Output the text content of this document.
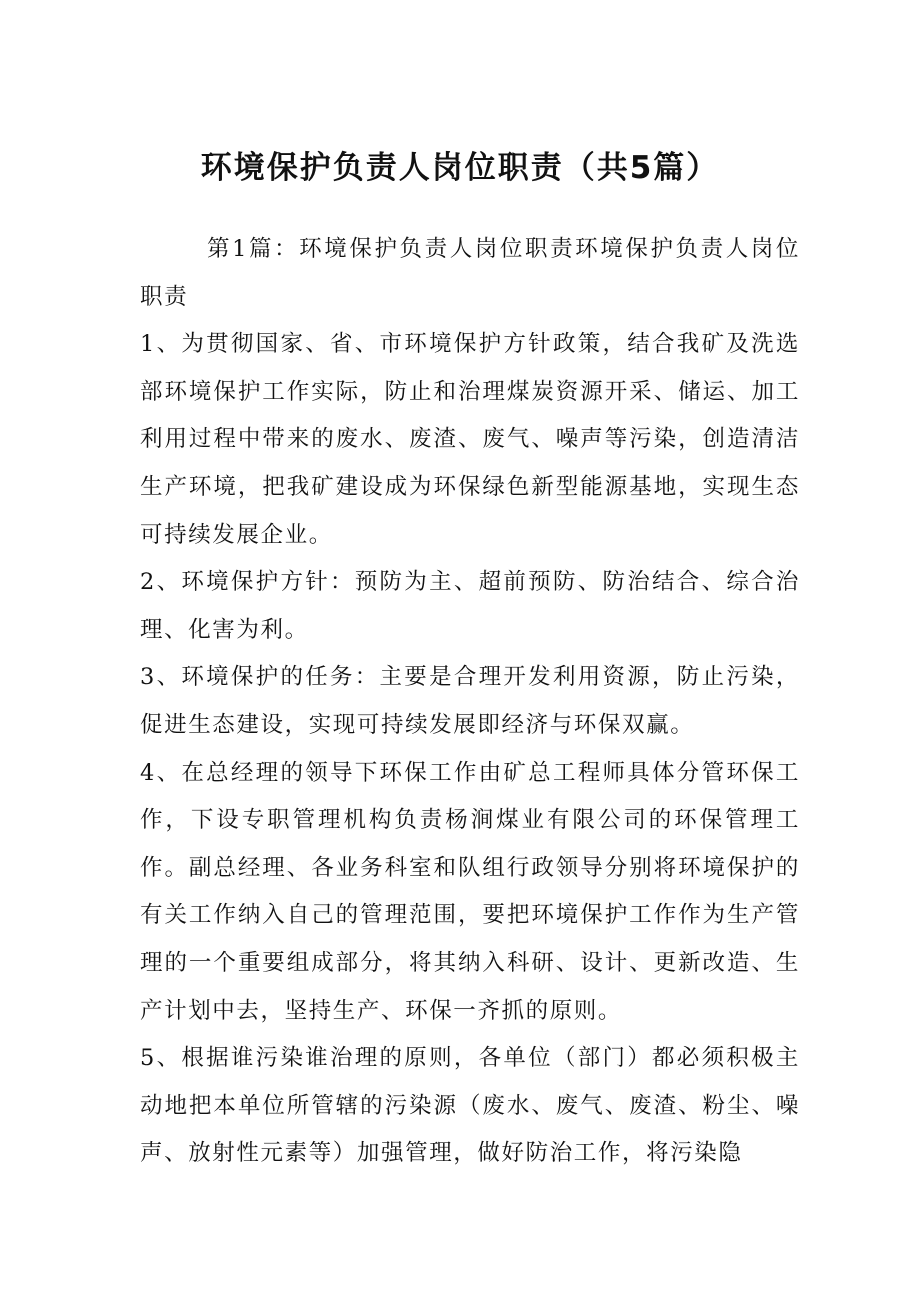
环境保护负责人岗位职责（共5篇）

第1篇：环境保护负责人岗位职责环境保护负责人岗位职责

1、为贯彻国家、省、市环境保护方针政策，结合我矿及洗选部环境保护工作实际，防止和治理煤炭资源开采、储运、加工利用过程中带来的废水、废渣、废气、噪声等污染，创造清洁生产环境，把我矿建设成为环保绿色新型能源基地，实现生态可持续发展企业。

2、环境保护方针：预防为主、超前预防、防治结合、综合治理、化害为利。

3、环境保护的任务：主要是合理开发利用资源，防止污染，促进生态建设，实现可持续发展即经济与环保双赢。

4、在总经理的领导下环保工作由矿总工程师具体分管环保工作，下设专职管理机构负责杨涧煤业有限公司的环保管理工作。副总经理、各业务科室和队组行政领导分别将环境保护的有关工作纳入自己的管理范围，要把环境保护工作作为生产管理的一个重要组成部分，将其纳入科研、设计、更新改造、生产计划中去，坚持生产、环保一齐抓的原则。

5、根据谁污染谁治理的原则，各单位（部门）都必须积极主动地把本单位所管辖的污染源（废水、废气、废渣、粉尘、噪声、放射性元素等）加强管理，做好防治工作，将污染隐
